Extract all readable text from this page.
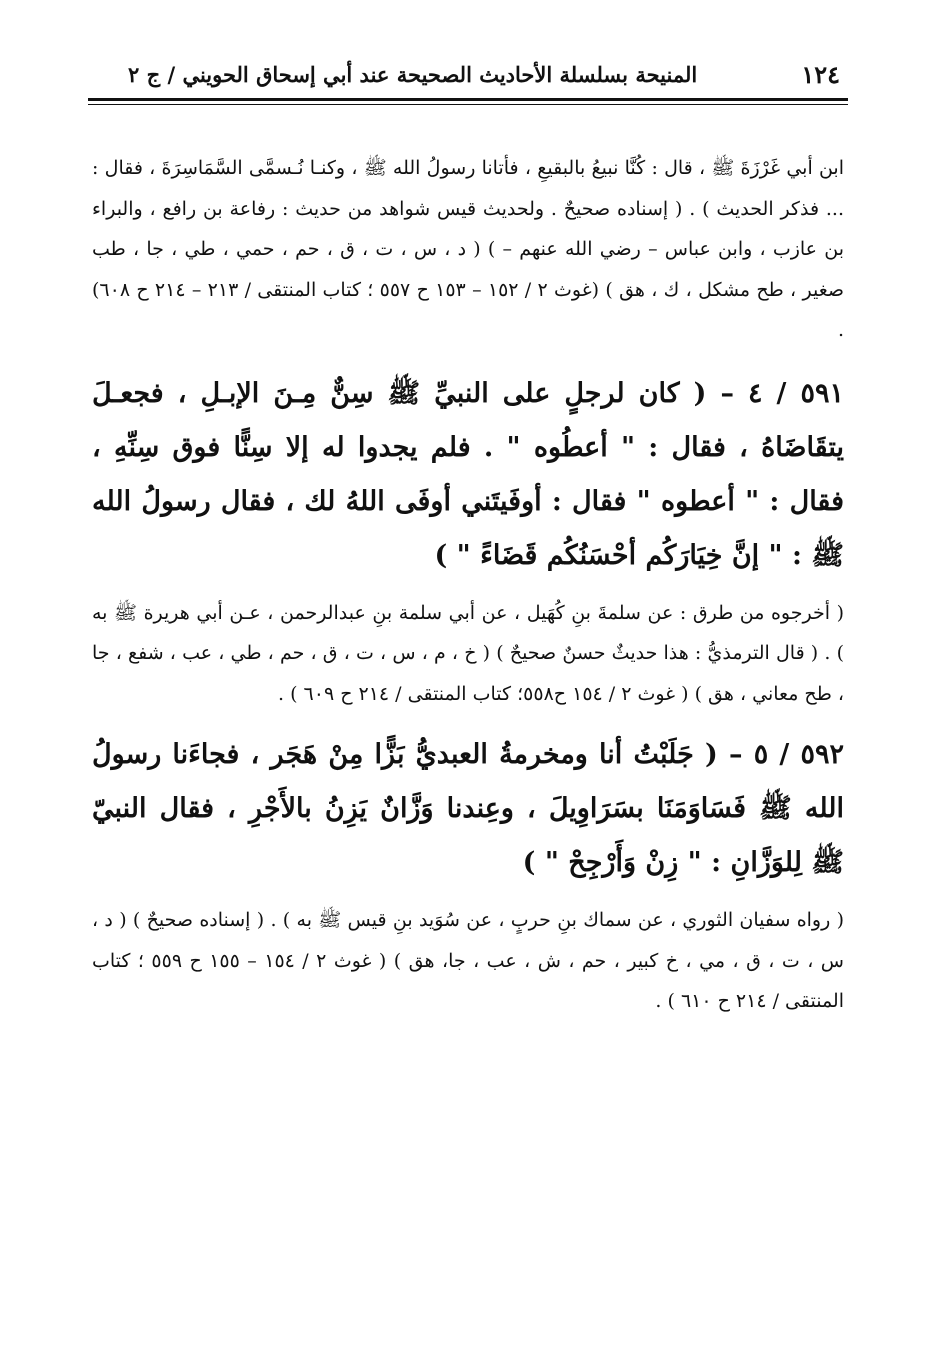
١٢٤
المنيحة بسلسلة الأحاديث الصحيحة عند أبي إسحاق الحويني / ج ٢

ابن أبي غَرْزَةَ ﷺ ، قال : كُنَّا نبيعُ بالبقيعِ ، فأتانا رسولُ الله ﷺ ، وكنـا نُـسمَّى السَّمَاسِرَةَ ، فقال : ... فذكر الحديث ) . ( إسناده صحيحٌ . ولحديث قيس شواهد من حديث : رفاعة بن رافع ، والبراء بن عازب ، وابن عباس – رضي الله عنهم – ) ( د ، س ، ت ، ق ، حم ، حمي ، طي ، جا ، طب صغير ، طح مشكل ، ك ، هق ) (غوث ٢ / ١٥٢ – ١٥٣ ح ٥٥٧ ؛ كتاب المنتقى / ٢١٣ – ٢١٤ ح ٦٠٨) .

٥٩١ / ٤ – ( كان لرجلٍ على النبيِّ ﷺ سِنٌّ مِـنَ الإبـلِ ، فجعـلَ يتقَاضَاهُ ، فقال : " أعطُوه " . فلم يجدوا له إلا سِنًّا فوق سِنِّهِ ، فقال : " أعطوه " فقال : أوفَيتَني أوفَى اللهُ لك ، فقال رسولُ الله ﷺ : " إنَّ خِيَارَكُم أحْسَنُكُم قَضَاءً " )

( أخرجوه من طرق : عن سلمةَ بنِ كُهَيل ، عن أبي سلمة بنِ عبدالرحمن ، عـن أبي هريرة ﷺ به ) . ( قال الترمذيُّ : هذا حديثٌ حسنٌ صحيحٌ ) ( خ ، م ، س ، ت ، ق ، حم ، طي ، عب ، شفع ، جا ، طح معاني ، هق ) ( غوث ٢ / ١٥٤ ح٥٥٨؛ كتاب المنتقى / ٢١٤ ح ٦٠٩ ) .

٥٩٢ / ٥ – ( جَلَبْتُ أنا ومخرمةُ العبديُّ بَزًّا مِنْ هَجَر ، فجاءَنا رسولُ الله ﷺ فَسَاوَمَنَا بسَرَاوِيلَ ، وعِندنا وَزَّانٌ يَزِنُ بالأَجْرِ ، فقال النبيّ ﷺ لِلوَزَّانِ : " زِنْ وَأَرْجِحْ " )

( رواه سفيان الثوري ، عن سماك بنِ حربٍ ، عن سُوَيد بنِ قيس ﷺ به ) . ( إسناده صحيحٌ ) ( د ، س ، ت ، ق ، مي ، خ كبير ، حم ، ش ، عب ، جا، هق ) ( غوث ٢ / ١٥٤ – ١٥٥ ح ٥٥٩ ؛ كتاب المنتقى / ٢١٤ ح ٦١٠ ) .
